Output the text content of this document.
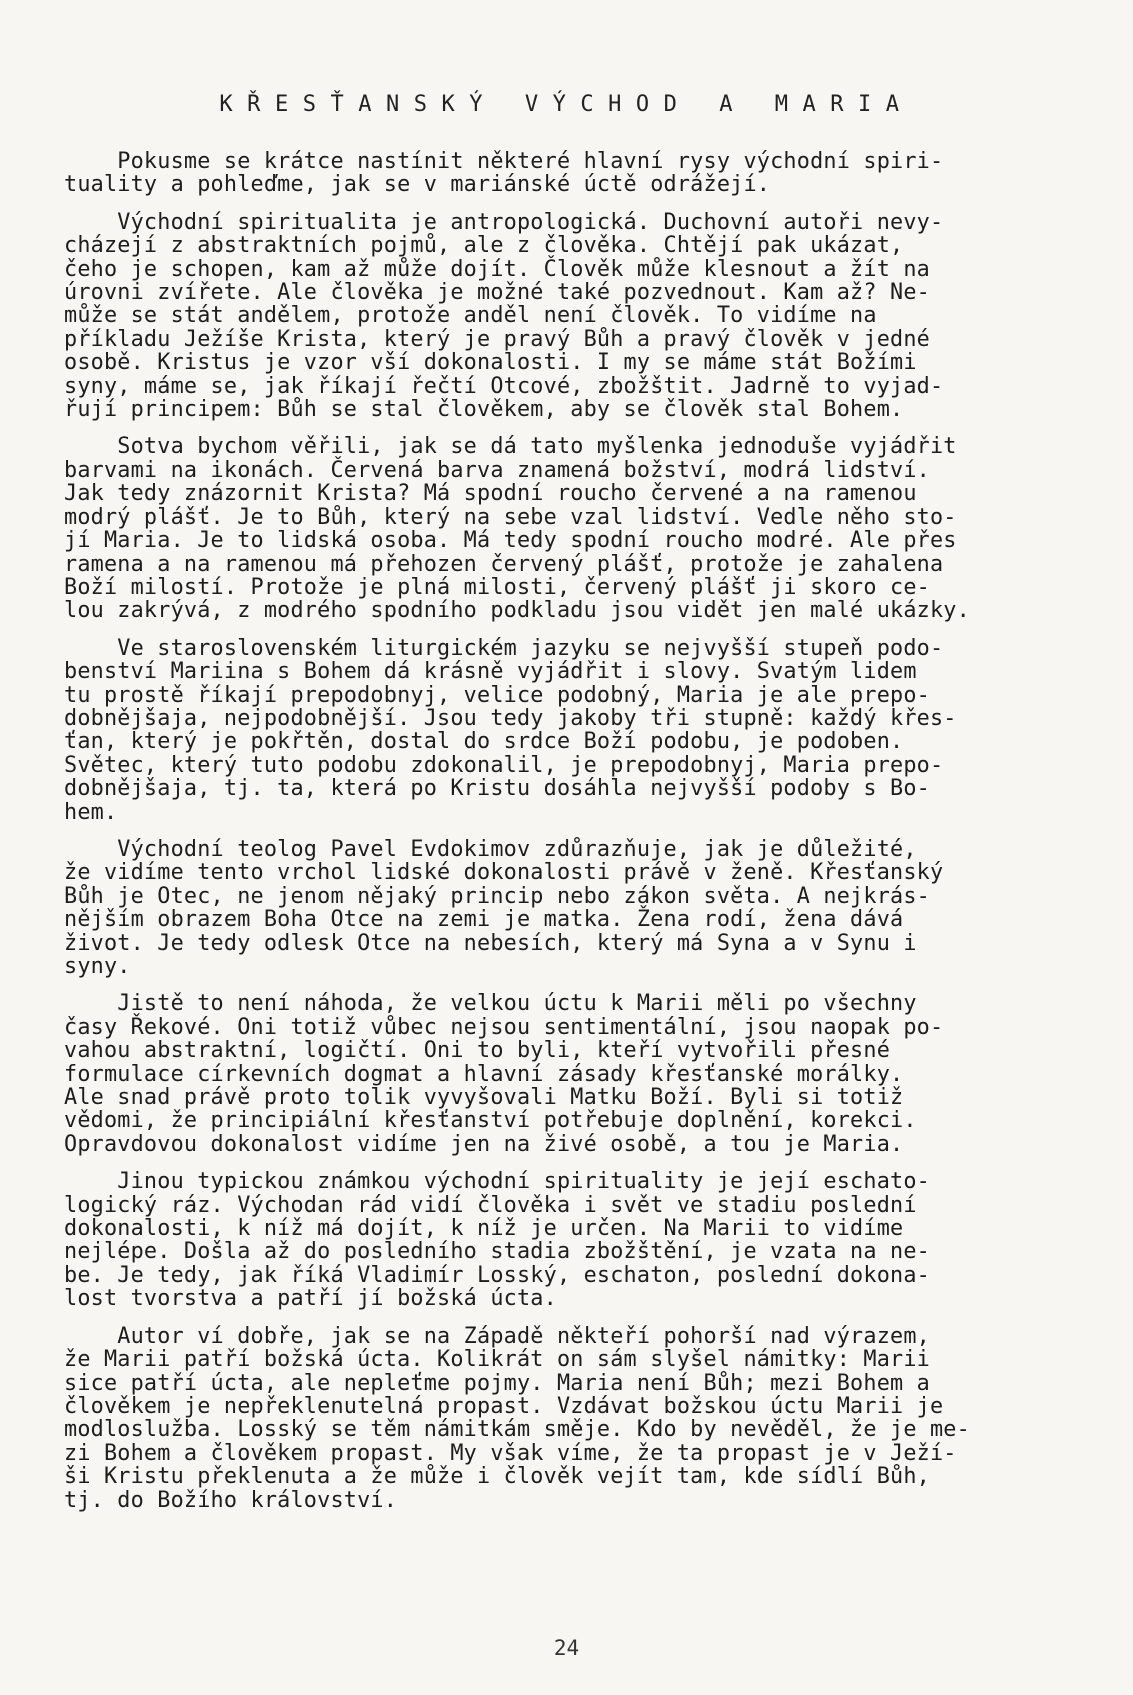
KŘESŤANSKÝ VÝCHOD A MARIA
Pokusme se krátce nastínit některé hlavní rysy východní spiri-
tuality a pohleďme, jak se v mariánské úctě odrážejí.
Východní spiritualita je antropologická. Duchovní autoři nevy-
cházejí z abstraktních pojmů, ale z člověka. Chtějí pak ukázat,
čeho je schopen, kam až může dojít. Člověk může klesnout a žít na
úrovni zvířete. Ale člověka je možné také pozvednout. Kam až? Ne-
může se stát andělem, protože anděl není člověk. To vidíme na
příkladu Ježíše Krista, který je pravý Bůh a pravý člověk v jedné
osobě. Kristus je vzor vší dokonalosti. I my se máme stát Božími
syny, máme se, jak říkají řečtí Otcové, zbožštit. Jadrně to vyjad-
řují principem: Bůh se stal člověkem, aby se člověk stal Bohem.
Sotva bychom věřili, jak se dá tato myšlenka jednoduše vyjádřit
barvami na ikonách. Červená barva znamená božství, modrá lidství.
Jak tedy znázornit Krista? Má spodní roucho červené a na ramenou
modrý plášť. Je to Bůh, který na sebe vzal lidství. Vedle něho sto-
jí Maria. Je to lidská osoba. Má tedy spodní roucho modré. Ale přes
ramena a na ramenou má přehozen červený plášť, protože je zahalena
Boží milostí. Protože je plná milosti, červený plášť ji skoro ce-
lou zakrývá, z modrého spodního podkladu jsou vidět jen malé ukázky.
Ve staroslovenském liturgickém jazyku se nejvyšší stupeň podo-
benství Mariina s Bohem dá krásně vyjádřit i slovy. Svatým lidem
tu prostě říkají prepodobnyj, velice podobný, Maria je ale prepo-
dobnějšaja, nejpodobnější. Jsou tedy jakoby tři stupně: každý křes-
ťan, který je pokřtěn, dostal do srdce Boží podobu, je podoben.
Světec, který tuto podobu zdokonalil, je prepodobnyj, Maria prepo-
dobnějšaja, tj. ta, která po Kristu dosáhla nejvyšší podoby s Bo-
hem.
Východní teolog Pavel Evdokimov zdůrazňuje, jak je důležité,
že vidíme tento vrchol lidské dokonalosti právě v ženě. Křesťanský
Bůh je Otec, ne jenom nějaký princip nebo zákon světa. A nejkrás-
nějším obrazem Boha Otce na zemi je matka. Žena rodí, žena dává
život. Je tedy odlesk Otce na nebesích, který má Syna a v Synu i
syny.
Jistě to není náhoda, že velkou úctu k Marii měli po všechny
časy Řekové. Oni totiž vůbec nejsou sentimentální, jsou naopak po-
vahou abstraktní, logičtí. Oni to byli, kteří vytvořili přesné
formulace církevních dogmat a hlavní zásady křesťanské morálky.
Ale snad právě proto tolik vyvyšovali Matku Boží. Byli si totiž
vědomi, že principiální křesťanství potřebuje doplnění, korekci.
Opravdovou dokonalost vidíme jen na živé osobě, a tou je Maria.
Jinou typickou známkou východní spirituality je její eschato-
logický ráz. Východan rád vidí člověka i svět ve stadiu poslední
dokonalosti, k níž má dojít, k níž je určen. Na Marii to vidíme
nejlépe. Došla až do posledního stadia zbožštění, je vzata na ne-
be. Je tedy, jak říká Vladimír Losský, eschaton, poslední dokona-
lost tvorstva a patří jí božská úcta.
Autor ví dobře, jak se na Západě někteří pohorší nad výrazem,
že Marii patří božská úcta. Kolikrát on sám slyšel námitky: Marii
sice patří úcta, ale nepleťme pojmy. Maria není Bůh; mezi Bohem a
člověkem je nepřeklenutelná propast. Vzdávat božskou úctu Marii je
modloslužba. Losský se těm námitkám směje. Kdo by nevěděl, že je me-
zi Bohem a člověkem propast. My však víme, že ta propast je v Ježí-
ši Kristu překlenuta a že může i člověk vejít tam, kde sídlí Bůh,
tj. do Božího království.
24
